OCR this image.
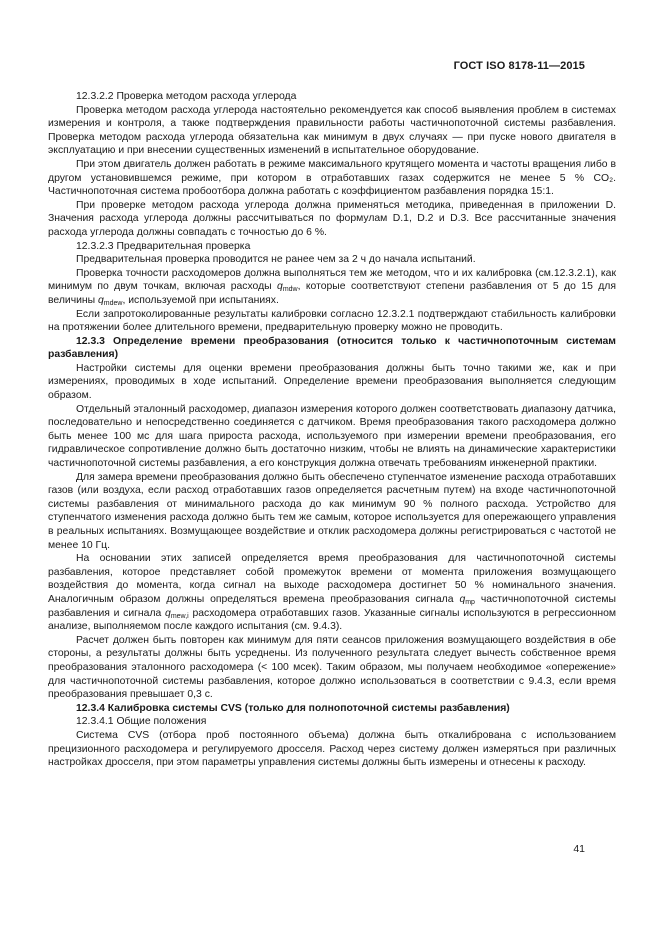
ГОСТ ISO 8178-11—2015

12.3.2.2 Проверка методом расхода углерода

Проверка методом расхода углерода настоятельно рекомендуется как способ выявления проблем в системах измерения и контроля, а также подтверждения правильности работы частичнопоточной системы разбавления. Проверка методом расхода углерода обязательна как минимум в двух случаях — при пуске нового двигателя в эксплуатацию и при внесении существенных изменений в испытательное оборудование.

При этом двигатель должен работать в режиме максимального крутящего момента и частоты вращения либо в другом установившемся режиме, при котором в отработавших газах содержится не менее 5 % CO₂. Частичнопоточная система пробоотбора должна работать с коэффициентом разбавления порядка 15:1.

При проверке методом расхода углерода должна применяться методика, приведенная в приложении D. Значения расхода углерода должны рассчитываться по формулам D.1, D.2 и D.3. Все рассчитанные значения расхода углерода должны совпадать с точностью до 6 %.

12.3.2.3 Предварительная проверка

Предварительная проверка проводится не ранее чем за 2 ч до начала испытаний.

Проверка точности расходомеров должна выполняться тем же методом, что и их калибровка (см.12.3.2.1), как минимум по двум точкам, включая расходы $q_{mdw}$, которые соответствуют степени разбавления от 5 до 15 для величины $q_{mdew}$, используемой при испытаниях.

Если запротоколированные результаты калибровки согласно 12.3.2.1 подтверждают стабильность калибровки на протяжении более длительного времени, предварительную проверку можно не проводить.

12.3.3 Определение времени преобразования (относится только к частичнопоточным системам разбавления)

Настройки системы для оценки времени преобразования должны быть точно такими же, как и при измерениях, проводимых в ходе испытаний. Определение времени преобразования выполняется следующим образом.

Отдельный эталонный расходомер, диапазон измерения которого должен соответствовать диапазону датчика, последовательно и непосредственно соединяется с датчиком. Время преобразования такого расходомера должно быть менее 100 мс для шага прироста расхода, используемого при измерении времени преобразования, его гидравлическое сопротивление должно быть достаточно низким, чтобы не влиять на динамические характеристики частичнопоточной системы разбавления, а его конструкция должна отвечать требованиям инженерной практики.

Для замера времени преобразования должно быть обеспечено ступенчатое изменение расхода отработавших газов (или воздуха, если расход отработавших газов определяется расчетным путем) на входе частичнопоточной системы разбавления от минимального расхода до как минимум 90 % полного расхода. Устройство для ступенчатого изменения расхода должно быть тем же самым, которое используется для опережающего управления в реальных испытаниях. Возмущающее воздействие и отклик расходомера должны регистрироваться с частотой не менее 10 Гц.

На основании этих записей определяется время преобразования для частичнопоточной системы разбавления, которое представляет собой промежуток времени от момента приложения возмущающего воздействия до момента, когда сигнал на выходе расходомера достигнет 50 % номинального значения. Аналогичным образом должны определяться времена преобразования сигнала $q_{mp}$ частичнопоточной системы разбавления и сигнала $q_{mew,i}$ расходомера отработавших газов. Указанные сигналы используются в регрессионном анализе, выполняемом после каждого испытания (см. 9.4.3).

Расчет должен быть повторен как минимум для пяти сеансов приложения возмущающего воздействия в обе стороны, а результаты должны быть усреднены. Из полученного результата следует вычесть собственное время преобразования эталонного расходомера (< 100 мсек). Таким образом, мы получаем необходимое «опережение» для частичнопоточной системы разбавления, которое должно использоваться в соответствии с 9.4.3, если время преобразования превышает 0,3 с.

12.3.4 Калибровка системы CVS (только для полнопоточной системы разбавления)

12.3.4.1 Общие положения

Система CVS (отбора проб постоянного объема) должна быть откалибрована с использованием прецизионного расходомера и регулируемого дросселя. Расход через систему должен измеряться при различных настройках дросселя, при этом параметры управления системы должны быть измерены и отнесены к расходу.

41
